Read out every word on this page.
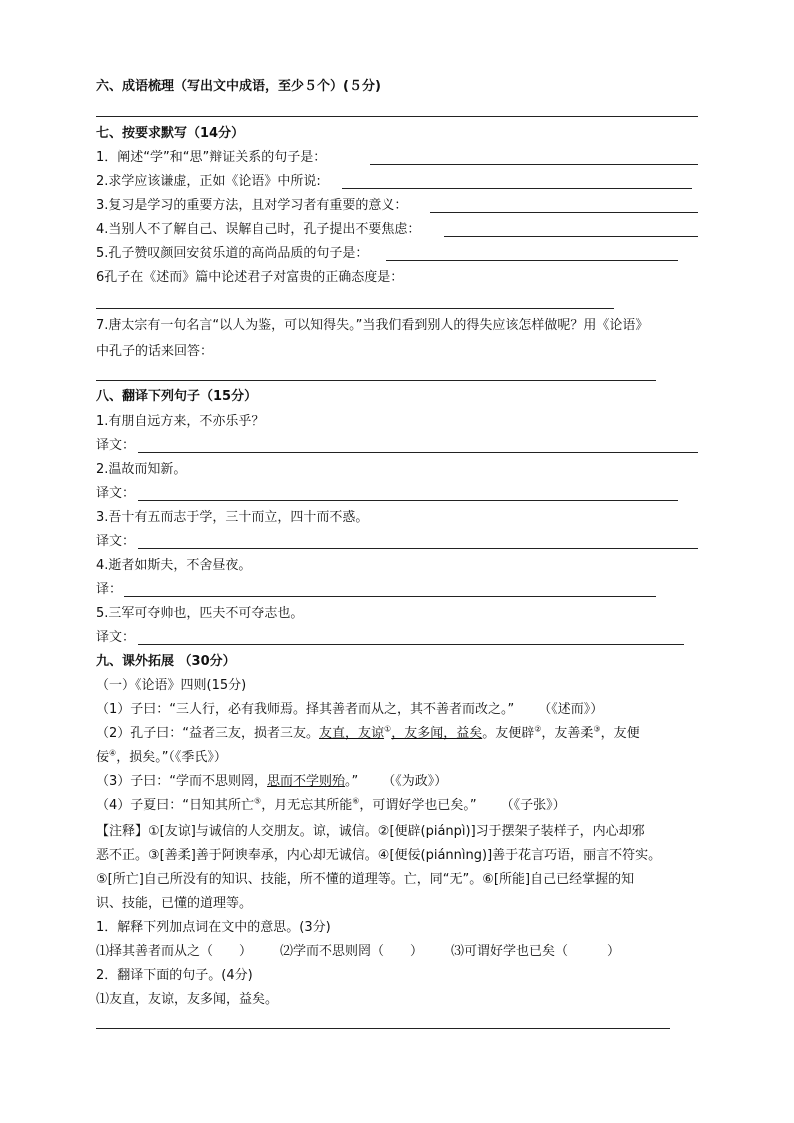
六、成语梳理（写出文中成语，至少５个）(５分)
七、按要求默写（14分）
1．阐述“学”和“思”辩证关系的句子是：
2.求学应该谦虚，正如《论语》中所说:
3.复习是学习的重要方法，且对学习者有重要的意义：
4.当别人不了解自己、误解自己时，孔子提出不要焦虑：
5.孔子赞叹颜回安贫乐道的高尚品质的句子是：
6孔子在《述而》篇中论述君子对富贵的正确态度是：
7.唐太宗有一句名言“以人为鉴，可以知得失。”当我们看到别人的得失应该怎样做呢？用《论语》
中孔子的话来回答：
八、翻译下列句子（15分）
1.有朋自远方来，不亦乐乎？
译文：
2.温故而知新。
译文：
3.吾十有五而志于学，三十而立，四十而不惑。
译文：
4.逝者如斯夫，不舍昼夜。
译：
5.三军可夺帅也，匹夫不可夺志也。
译文：
九、课外拓展 （30分）
（一）《论语》四则(15分)
（1）子曰：“三人行，必有我师焉。择其善者而从之，其不善者而改之。” （《述而》）
（2）孔子曰：“益者三友，损者三友。友直，友谅①，友多闻，益矣。友便辟②，友善柔③，友便
佞④，损矣。”（《季氏》）
（3）子曰：“学而不思则罔，思而不学则殆。” （《为政》）
（4）子夏曰：“日知其所亡⑤，月无忘其所能⑥，可谓好学也已矣。” （《子张》）
【注释】①[友谅]与诚信的人交朋友。谅，诚信。②[便辟(piánpì)]习于摆架子装样子，内心却邪
恶不正。③[善柔]善于阿谀奉承，内心却无诚信。④[便佞(piánnìng)]善于花言巧语，丽言不符实。
⑤[所亡]自己所没有的知识、技能，所不懂的道理等。亡，同“无”。⑥[所能]自己已经掌握的知
识、技能，已懂的道理等。
1．解释下列加点词在文中的意思。(3分)
⑴择其善者而从之（　　） ⑵学而不思则罔（　　） ⑶可谓好学也已矣（　　　）
2．翻译下面的句子。(4分)
⑴友直，友谅，友多闻，益矣。
